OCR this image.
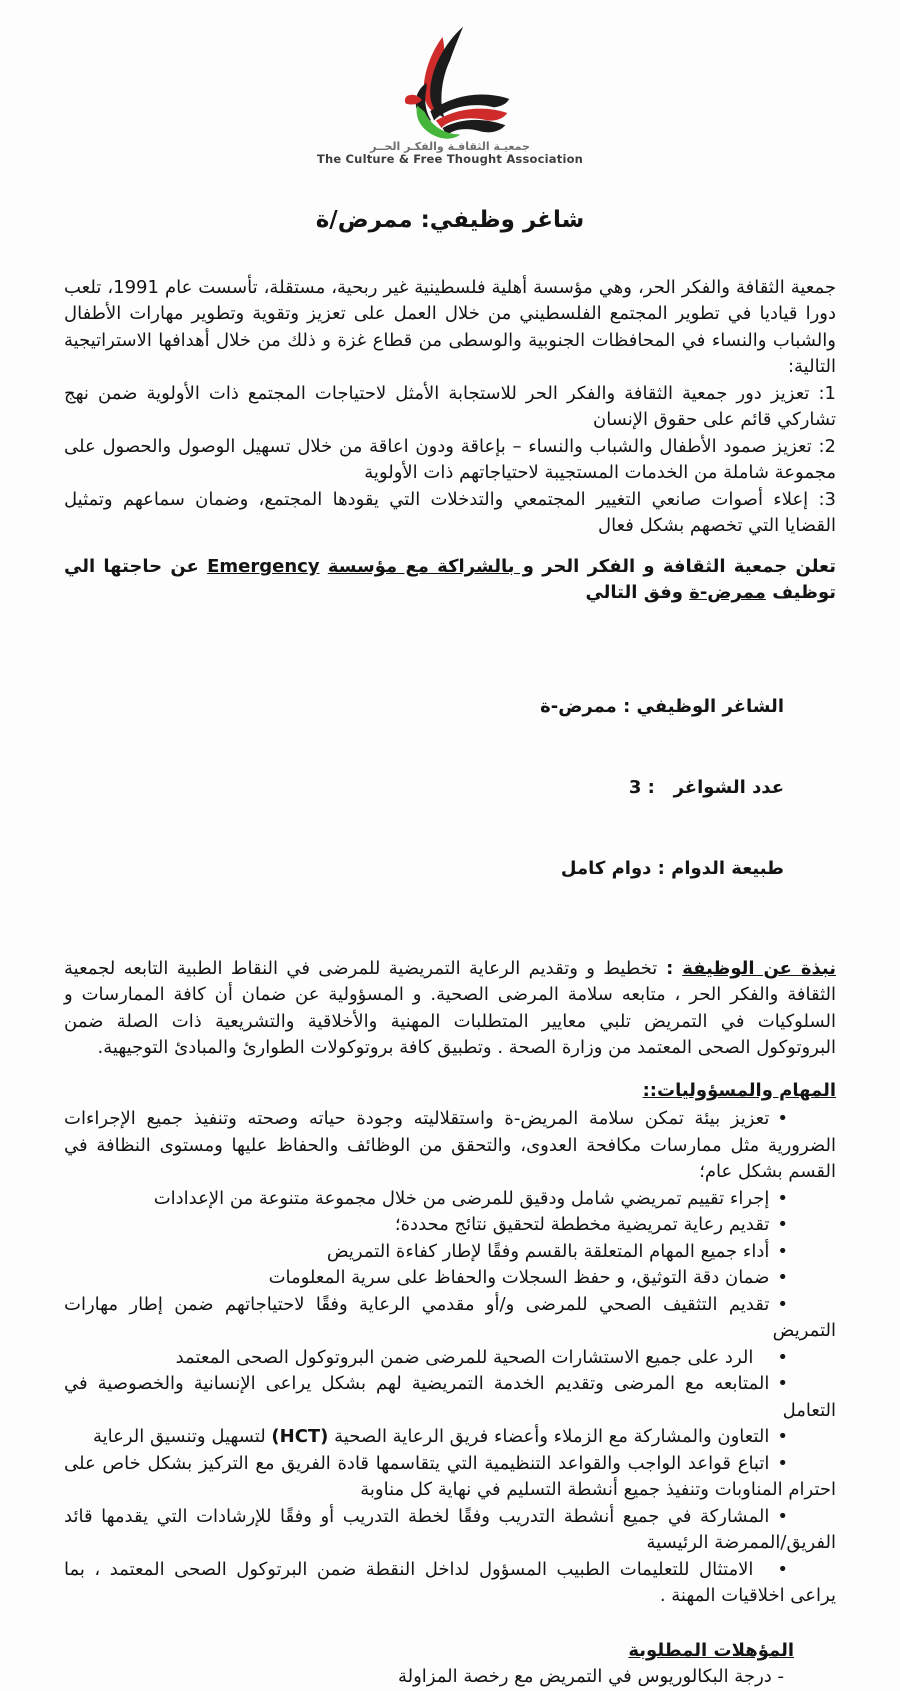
جمعيـة الثقافـة والفكـر الحــر
The Culture & Free Thought Association
شاغر وظيفي: ممرض/ة

جمعية الثقافة والفكر الحر، وهي مؤسسة أهلية فلسطينية غير ربحية، مستقلة، تأسست عام 1991، تلعب دورا قياديا في تطوير المجتمع الفلسطيني من خلال العمل على تعزيز وتقوية وتطوير مهارات الأطفال والشباب والنساء في المحافظات الجنوبية والوسطى من قطاع غزة و ذلك من خلال أهدافها الاستراتيجية التالية:

1: تعزيز دور جمعية الثقافة والفكر الحر للاستجابة الأمثل لاحتياجات المجتمع ذات الأولوية ضمن نهج تشاركي قائم على حقوق الإنسان

2: تعزيز صمود الأطفال والشباب والنساء – بإعاقة ودون اعاقة من خلال تسهيل الوصول والحصول على مجموعة شاملة من الخدمات المستجيبة لاحتياجاتهم ذات الأولوية

3: إعلاء أصوات صانعي التغيير المجتمعي والتدخلات التي يقودها المجتمع، وضمان سماعهم وتمثيل القضايا التي تخصهم بشكل فعال

تعلن جمعية الثقافة و الفكر الحر و بالشراكة مع مؤسسة Emergency عن حاجتها الي توظيف ممرض-ة وفق التالي

الشاغر الوظيفي : ممرض-ة

عدد الشواغر   : 3

طبيعة الدوام : دوام كامل

نبذة عن الوظيفة : تخطيط و وتقديم الرعاية التمريضية للمرضى في النقاط الطبية التابعه لجمعية الثقافة والفكر الحر ، متابعه سلامة المرضى الصحية. و المسؤولية عن ضمان أن كافة الممارسات و السلوكيات في التمريض تلبي معايير المتطلبات المهنية والأخلاقية والتشريعية ذات الصلة ضمن البروتوكول الصحى المعتمد من وزارة الصحة . وتطبيق كافة بروتوكولات الطوارئ والمبادئ التوجيهية.

المهام والمسؤوليات::

•تعزيز بيئة تمكن سلامة المريض-ة واستقلاليته وجودة حياته وصحته وتنفيذ جميع الإجراءات الضرورية مثل ممارسات مكافحة العدوى، والتحقق من الوظائف والحفاظ عليها ومستوى النظافة في القسم بشكل عام؛

•إجراء تقييم تمريضي شامل ودقيق للمرضى من خلال مجموعة متنوعة من الإعدادات

•تقديم رعاية تمريضية مخططة لتحقيق نتائج محددة؛

•أداء جميع المهام المتعلقة بالقسم وفقًا لإطار كفاءة التمريض

•ضمان دقة التوثيق، و حفظ السجلات والحفاظ على سرية المعلومات

•تقديم التثقيف الصحي للمرضى و/أو مقدمي الرعاية وفقًا لاحتياجاتهم ضمن إطار مهارات التمريض

•الرد على جميع الاستشارات الصحية للمرضى ضمن البروتوكول الصحى المعتمد

•المتابعه مع المرضى وتقديم الخدمة التمريضية لهم بشكل يراعى الإنسانية والخصوصية في التعامل

•التعاون والمشاركة مع الزملاء وأعضاء فريق الرعاية الصحية (HCT) لتسهيل وتنسيق الرعاية

•اتباع قواعد الواجب والقواعد التنظيمية التي يتقاسمها قادة الفريق مع التركيز بشكل خاص على احترام المناوبات وتنفيذ جميع أنشطة التسليم في نهاية كل مناوبة

•المشاركة في جميع أنشطة التدريب وفقًا لخطة التدريب أو وفقًا للإرشادات التي يقدمها قائد الفريق/الممرضة الرئيسية

•الامتثال للتعليمات الطبيب المسؤول لداخل النقطة ضمن البرتوكول الصحى المعتمد ، بما يراعى اخلاقيات المهنة .

المؤهلات المطلوبة

- درجة البكالوريوس في التمريض مع رخصة المزاولة
